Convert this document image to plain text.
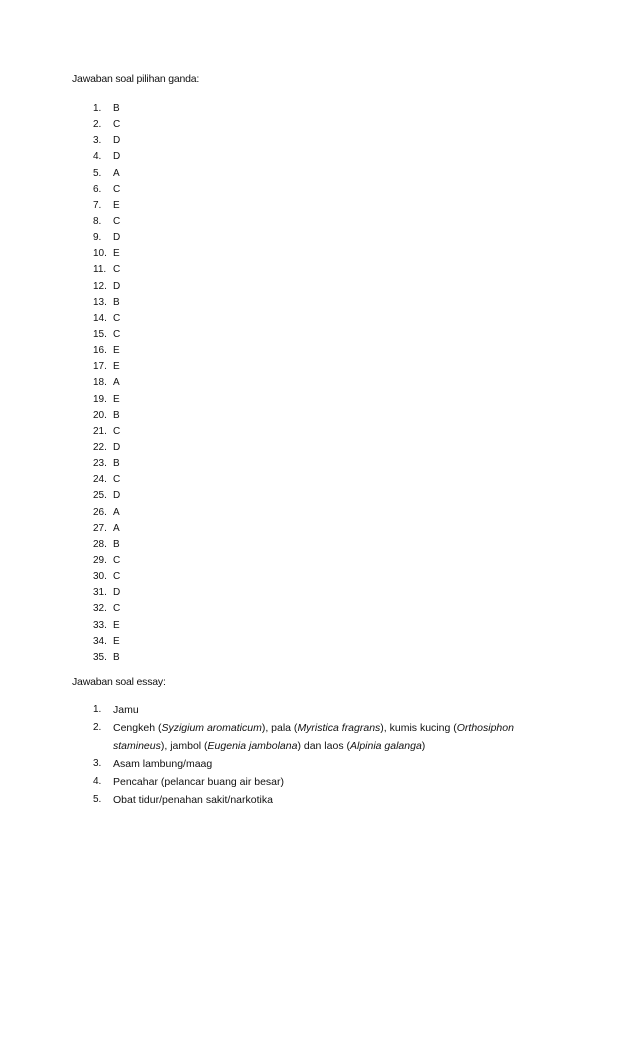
Jawaban soal pilihan ganda:
1. B
2. C
3. D
4. D
5. A
6. C
7. E
8. C
9. D
10. E
11. C
12. D
13. B
14. C
15. C
16. E
17. E
18. A
19. E
20. B
21. C
22. D
23. B
24. C
25. D
26. A
27. A
28. B
29. C
30. C
31. D
32. C
33. E
34. E
35. B
Jawaban soal essay:
1.	Jamu
2.	Cengkeh (Syzigium aromaticum), pala (Myristica fragrans), kumis kucing (Orthosiphon stamineus), jambol (Eugenia jambolana) dan laos (Alpinia galanga)
3.	Asam lambung/maag
4.	Pencahar (pelancar buang air besar)
5.	Obat tidur/penahan sakit/narkotika
